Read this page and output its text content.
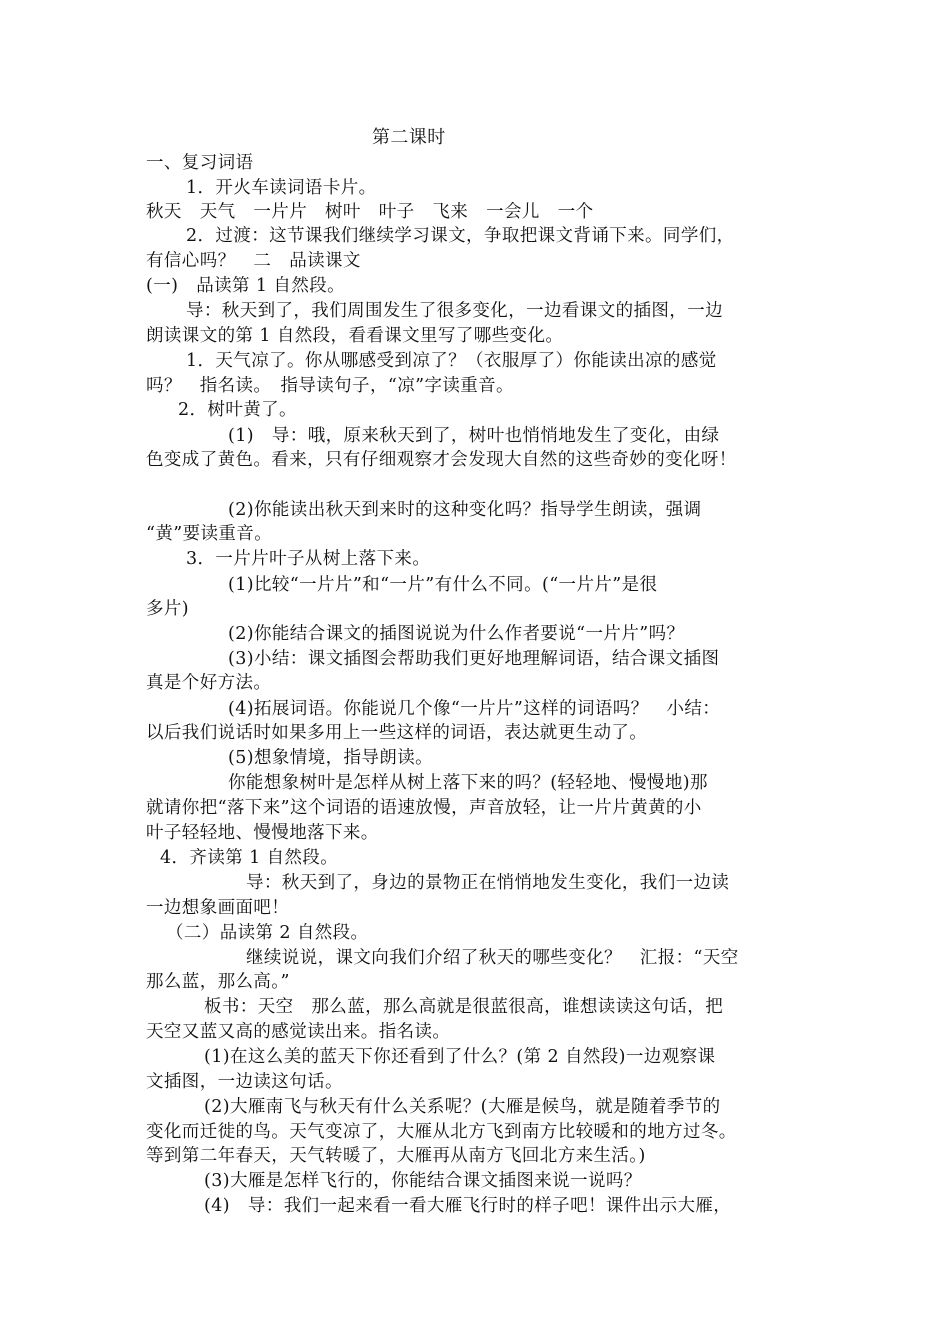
第二课时
一、复习词语
1．开火车读词语卡片。
秋天　天气　一片片　树叶　叶子　飞来　一会儿　一个
2．过渡：这节课我们继续学习课文，争取把课文背诵下来。同学们，
有信心吗？　二　品读课文
(一)　品读第 1 自然段。
导：秋天到了，我们周围发生了很多变化，一边看课文的插图，一边
朗读课文的第 1 自然段，看看课文里写了哪些变化。
1．天气凉了。你从哪感受到凉了？（衣服厚了）你能读出凉的感觉
吗？　指名读。　指导读句子，“凉”字读重音。
2．树叶黄了。
(1)　导：哦，原来秋天到了，树叶也悄悄地发生了变化，由绿
色变成了黄色。看来，只有仔细观察才会发现大自然的这些奇妙的变化呀！
(2)你能读出秋天到来时的这种变化吗？指导学生朗读，强调
“黄”要读重音。
3．一片片叶子从树上落下来。
(1)比较“一片片”和“一片”有什么不同。(“一片片”是很
多片)
(2)你能结合课文的插图说说为什么作者要说“一片片”吗？
(3)小结：课文插图会帮助我们更好地理解词语，结合课文插图
真是个好方法。
(4)拓展词语。你能说几个像“一片片”这样的词语吗？　小结：
以后我们说话时如果多用上一些这样的词语，表达就更生动了。
(5)想象情境，指导朗读。
你能想象树叶是怎样从树上落下来的吗？(轻轻地、慢慢地)那
就请你把“落下来”这个词语的语速放慢，声音放轻，让一片片黄黄的小
叶子轻轻地、慢慢地落下来。
4．齐读第 1 自然段。
导：秋天到了，身边的景物正在悄悄地发生变化，我们一边读
一边想象画面吧！
（二）品读第 2 自然段。
继续说说，课文向我们介绍了秋天的哪些变化？　汇报：“天空
那么蓝，那么高。”
板书：天空　那么蓝，那么高就是很蓝很高，谁想读读这句话，把
天空又蓝又高的感觉读出来。指名读。
(1)在这么美的蓝天下你还看到了什么？(第 2 自然段)一边观察课
文插图，一边读这句话。
(2)大雁南飞与秋天有什么关系呢？(大雁是候鸟，就是随着季节的
变化而迁徙的鸟。天气变凉了，大雁从北方飞到南方比较暖和的地方过冬。
等到第二年春天，天气转暖了，大雁再从南方飞回北方来生活。)
(3)大雁是怎样飞行的，你能结合课文插图来说一说吗？
(4)　导：我们一起来看一看大雁飞行时的样子吧！课件出示大雁，
